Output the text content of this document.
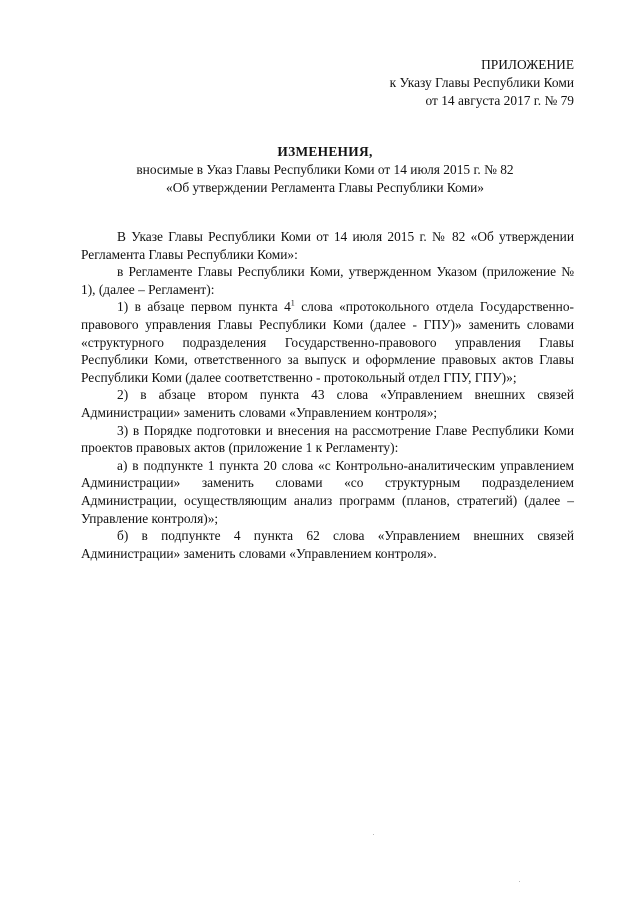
ПРИЛОЖЕНИЕ
к Указу Главы Республики Коми
от 14 августа 2017 г. № 79
ИЗМЕНЕНИЯ,
вносимые в Указ Главы Республики Коми от 14 июля 2015 г. № 82
«Об утверждении Регламента Главы Республики Коми»

В Указе Главы Республики Коми от 14 июля 2015 г. № 82 «Об утверждении Регламента Главы Республики Коми»:

в Регламенте Главы Республики Коми, утвержденном Указом (приложение № 1), (далее – Регламент):

1) в абзаце первом пункта $4^1$ слова «протокольного отдела Государственно-правового управления Главы Республики Коми (далее - ГПУ)» заменить словами «структурного подразделения Государственно-правового управления Главы Республики Коми, ответственного за выпуск и оформление правовых актов Главы Республики Коми (далее соответственно - протокольный отдел ГПУ, ГПУ)»;

2) в абзаце втором пункта 43 слова «Управлением внешних связей Администрации» заменить словами «Управлением контроля»;

3) в Порядке подготовки и внесения на рассмотрение Главе Республики Коми проектов правовых актов (приложение 1 к Регламенту):

а) в подпункте 1 пункта 20 слова «с Контрольно-аналитическим управлением Администрации» заменить словами «со структурным подразделением Администрации, осуществляющим анализ программ (планов, стратегий) (далее – Управление контроля)»;

б) в подпункте 4 пункта 62 слова «Управлением внешних связей Администрации» заменить словами «Управлением контроля».
